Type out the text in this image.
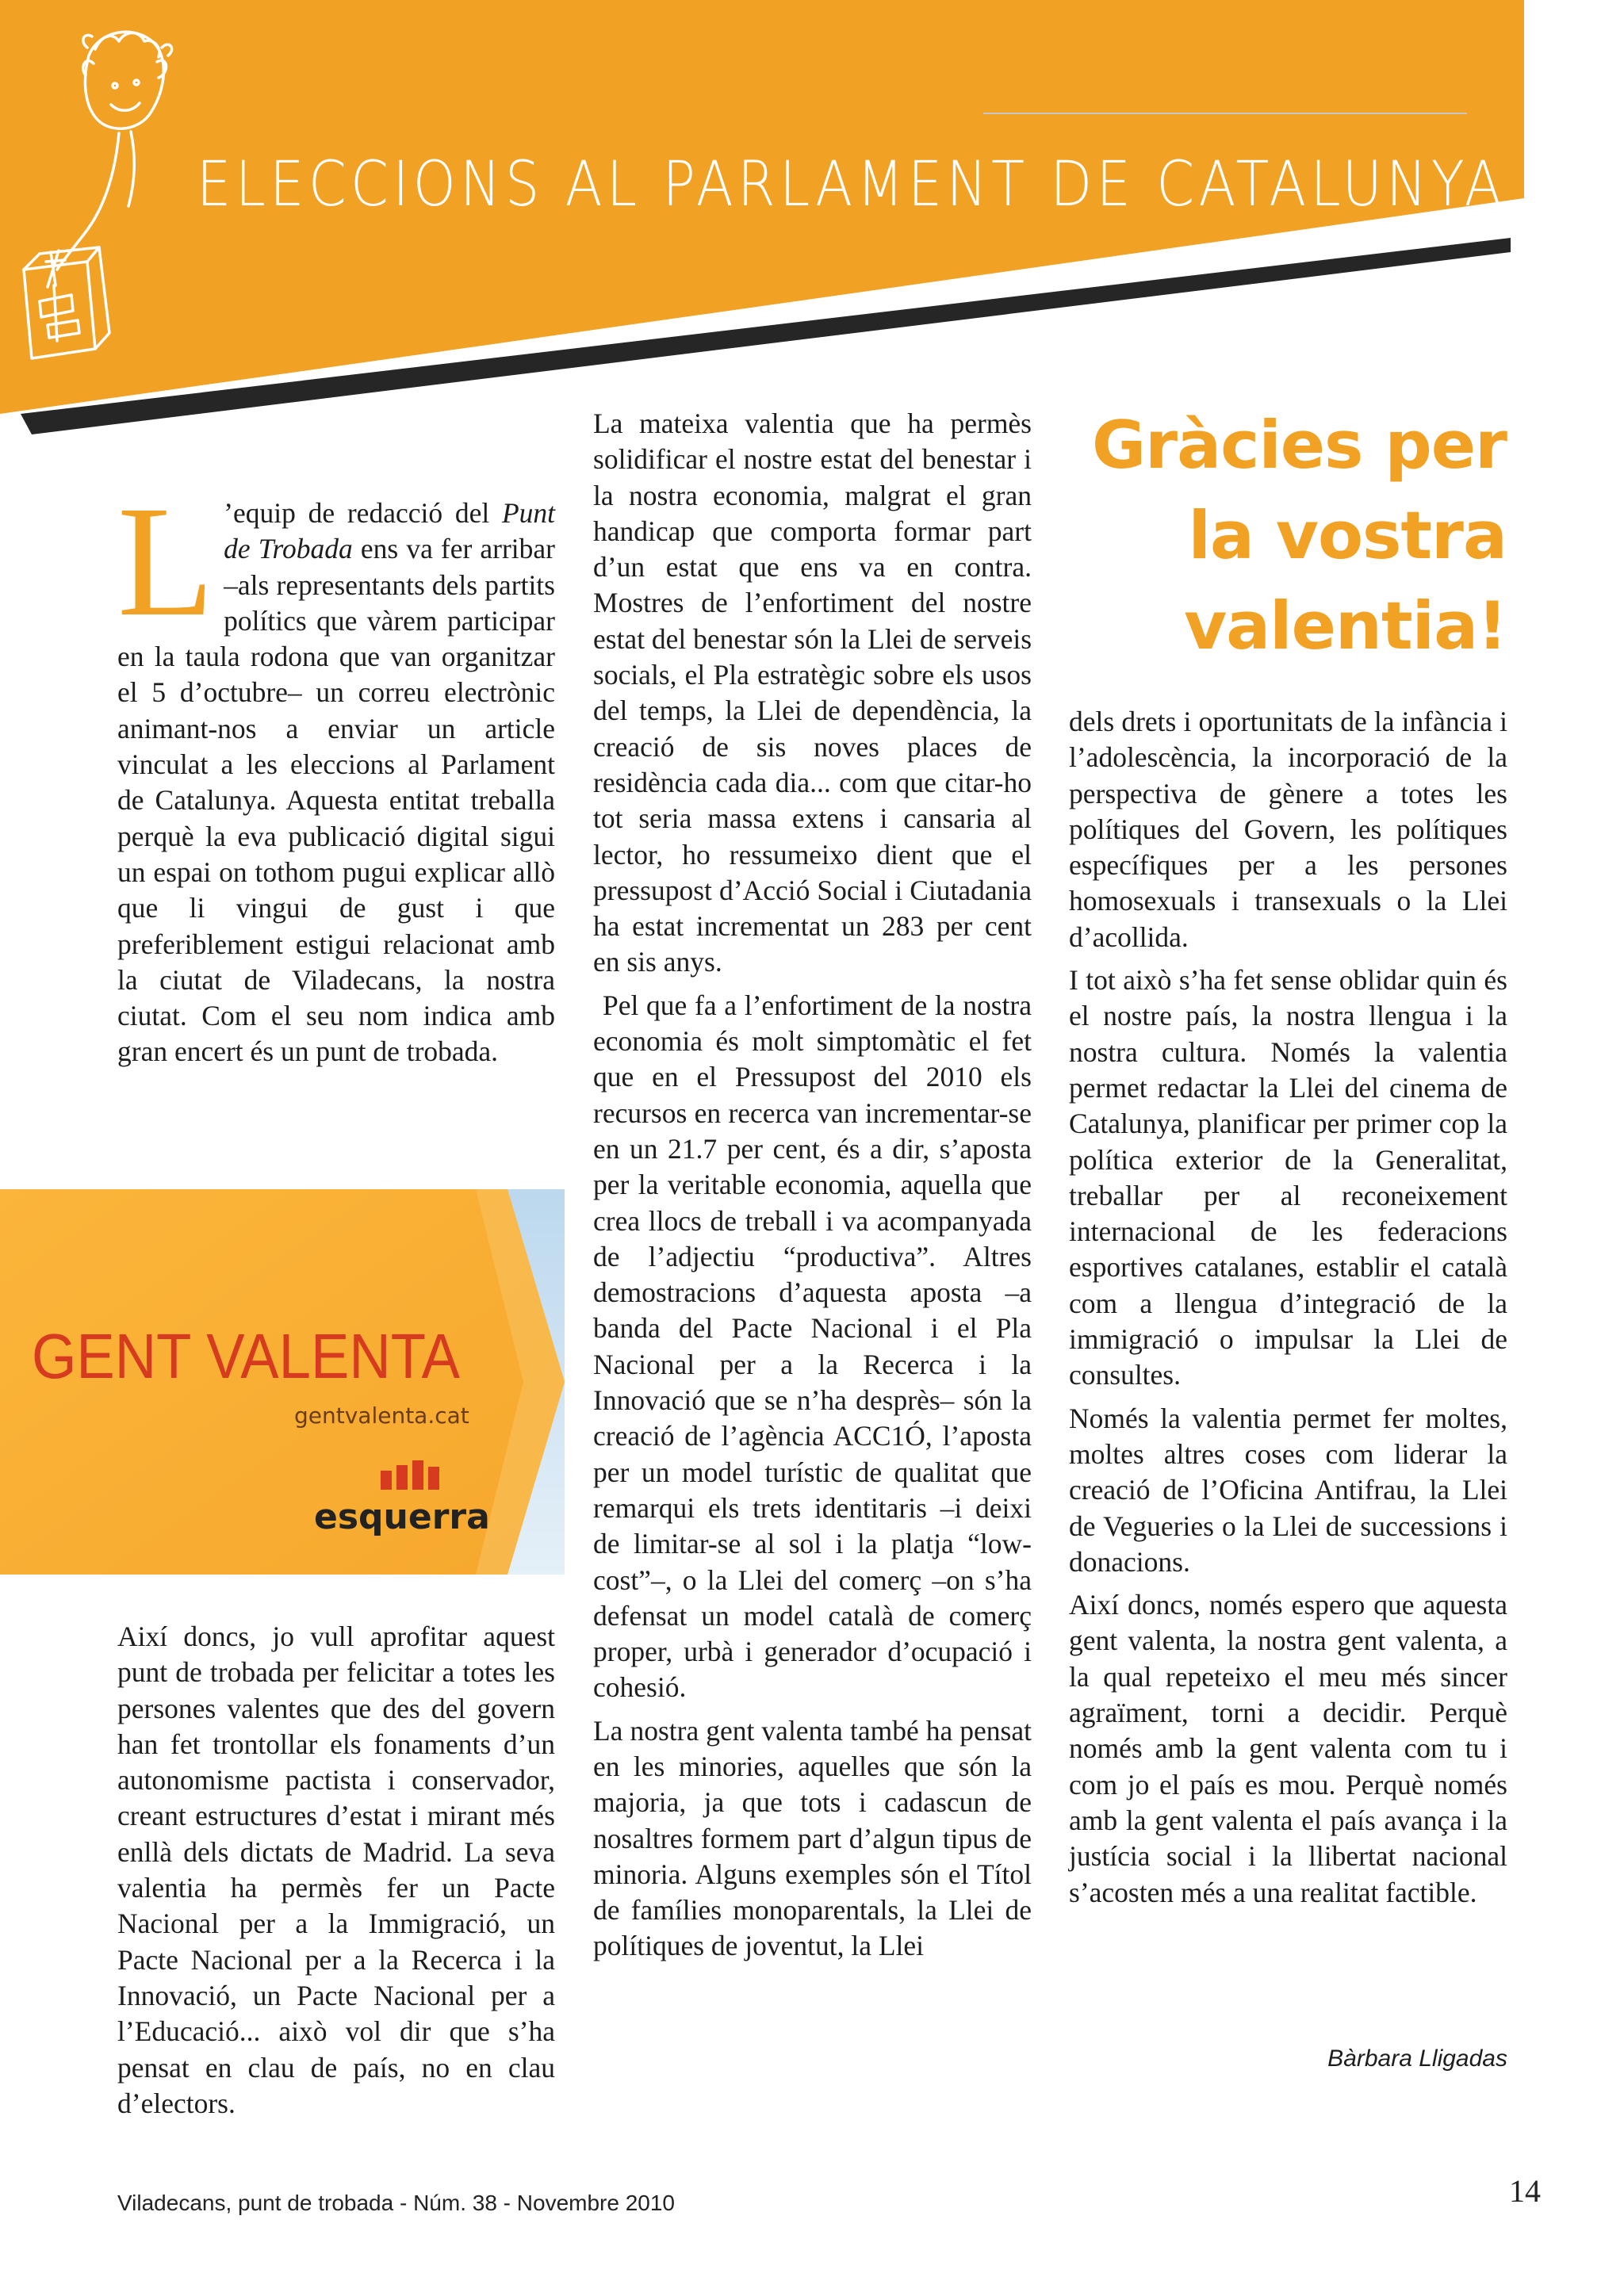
ELECCIONS AL PARLAMENT DE CATALUNYA

L ’equip de redacció del Punt de Trobada ens va fer arribar –als representants dels partits polítics que vàrem participar en la taula rodona que van organitzar el 5 d’octubre– un correu electrònic animant-nos a enviar un article vinculat a les eleccions al Parlament de Catalunya. Aquesta entitat treballa perquè la eva publicació digital sigui un espai on tothom pugui explicar allò que li vingui de gust i que preferiblement estigui relacionat amb la ciutat de Viladecans, la nostra ciutat. Com el seu nom indica amb gran encert és un punt de trobada.

GENT VALENTA
gentvalenta.cat
esquerra

Així doncs, jo vull aprofitar aquest punt de trobada per felicitar a totes les persones valentes que des del govern han fet trontollar els fonaments d’un autonomisme pactista i conservador, creant estructures d’estat i mirant més enllà dels dictats de Madrid. La seva valentia ha permès fer un Pacte Nacional per a la Immigració, un Pacte Nacional per a la Recerca i la Innovació, un Pacte Nacional per a l’Educació... això vol dir que s’ha pensat en clau de país, no en clau d’electors.

La mateixa valentia que ha permès solidificar el nostre estat del benestar i la nostra economia, malgrat el gran handicap que comporta formar part d’un estat que ens va en contra. Mostres de l’enfortiment del nostre estat del benestar són la Llei de serveis socials, el Pla estratègic sobre els usos del temps, la Llei de dependència, la creació de sis noves places de residència cada dia... com que citar-ho tot seria massa extens i cansaria al lector, ho ressumeixo dient que el pressupost d’Acció Social i Ciutadania ha estat incrementat un 283 per cent en sis anys.

Pel que fa a l’enfortiment de la nostra economia és molt simptomàtic el fet que en el Pressupost del 2010 els recursos en recerca van incrementar-se en un 21.7 per cent, és a dir, s’aposta per la veritable economia, aquella que crea llocs de treball i va acompanyada de l’adjectiu “productiva”. Altres demostracions d’aquesta aposta –a banda del Pacte Nacional i el Pla Nacional per a la Recerca i la Innovació que se n’ha desprès– són la creació de l’agència ACC1Ó, l’aposta per un model turístic de qualitat que remarqui els trets identitaris –i deixi de limitar-se al sol i la platja “low-cost”–, o la Llei del comerç –on s’ha defensat un model català de comerç proper, urbà i generador d’ocupació i cohesió.

La nostra gent valenta també ha pensat en les minories, aquelles que són la majoria, ja que tots i cadascun de nosaltres formem part d’algun tipus de minoria. Alguns exemples són el Títol de famílies monoparentals, la Llei de polítiques de joventut, la Llei

Gràcies per
la vostra
valentia!

dels drets i oportunitats de la infància i l’adolescència, la incorporació de la perspectiva de gènere a totes les polítiques del Govern, les polítiques específiques per a les persones homosexuals i transexuals o la Llei d’acollida.

I tot això s’ha fet sense oblidar quin és el nostre país, la nostra llengua i la nostra cultura. Només la valentia permet redactar la Llei del cinema de Catalunya, planificar per primer cop la política exterior de la Generalitat, treballar per al reconeixement internacional de les federacions esportives catalanes, establir el català com a llengua d’integració de la immigració o impulsar la Llei de consultes.

Només la valentia permet fer moltes, moltes altres coses com liderar la creació de l’Oficina Antifrau, la Llei de Vegueries o la Llei de successions i donacions.

Així doncs, només espero que aquesta gent valenta, la nostra gent valenta, a la qual repeteixo el meu més sincer agraïment, torni a decidir. Perquè només amb la gent valenta com tu i com jo el país es mou. Perquè només amb la gent valenta el país avança i la justícia social i la llibertat nacional s’acosten més a una realitat factible.

Bàrbara Lligadas
Viladecans, punt de trobada - Núm. 38 - Novembre 2010	14
